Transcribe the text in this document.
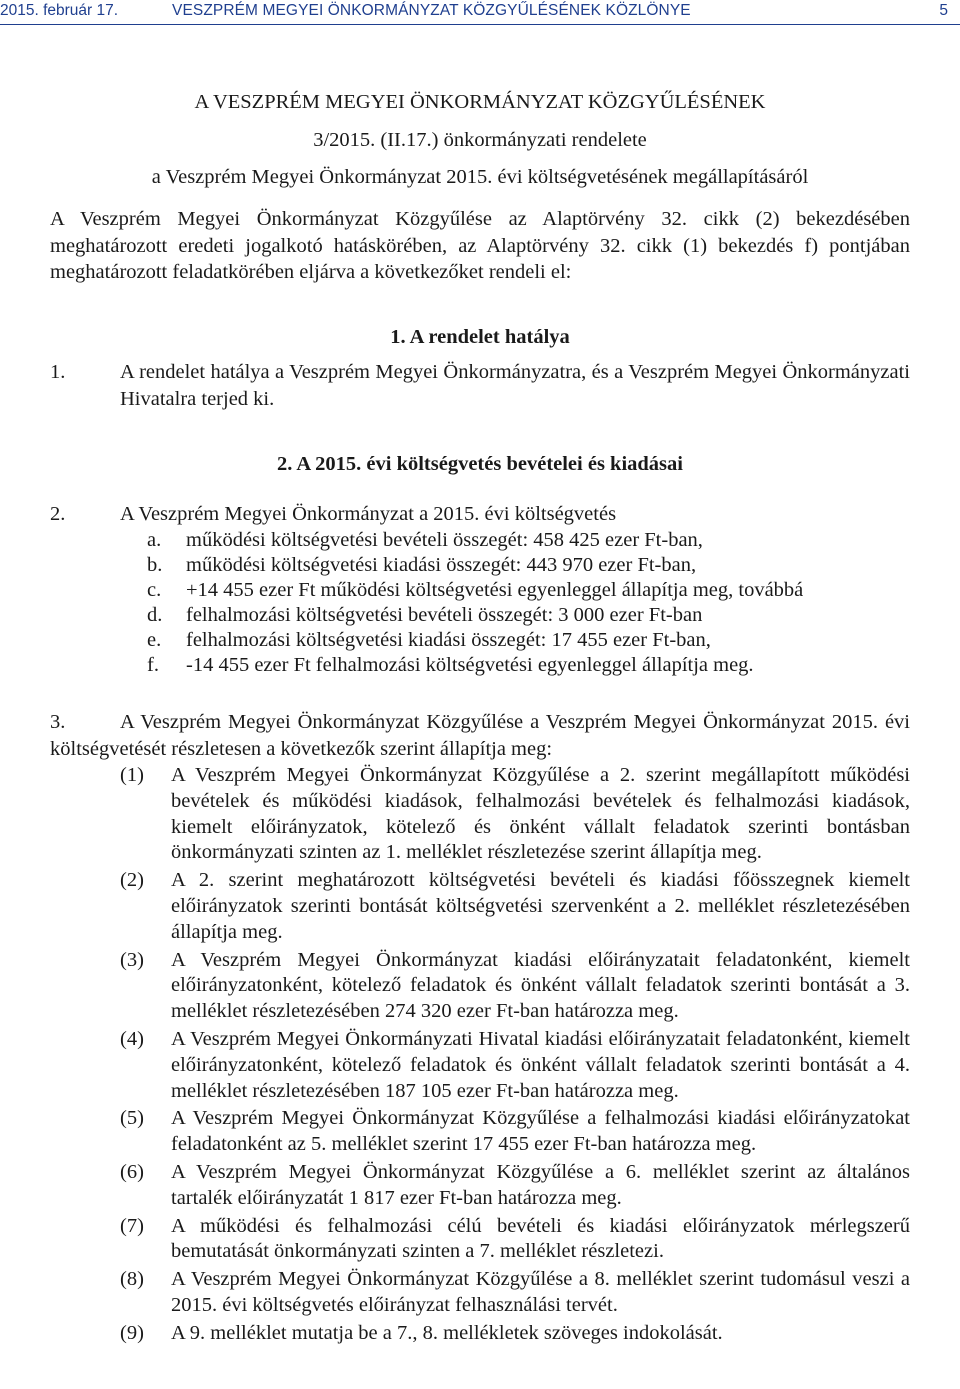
2015. február 17.	VESZPRÉM MEGYEI ÖNKORMÁNYZAT KÖZGYŰLÉSÉNEK KÖZLÖNYE	5
A VESZPRÉM MEGYEI ÖNKORMÁNYZAT KÖZGYŰLÉSÉNEK
3/2015. (II.17.) önkormányzati rendelete
a Veszprém Megyei Önkormányzat 2015. évi költségvetésének megállapításáról
A Veszprém Megyei Önkormányzat Közgyűlése az Alaptörvény 32. cikk (2) bekezdésében meghatározott eredeti jogalkotó hatáskörében, az Alaptörvény 32. cikk (1) bekezdés f) pontjában meghatározott feladatkörében eljárva a következőket rendeli el:
1. A rendelet hatálya
1.	A rendelet hatálya a Veszprém Megyei Önkormányzatra, és a Veszprém Megyei Önkormányzati Hivatalra terjed ki.
2. A 2015. évi költségvetés bevételei és kiadásai
2.	A Veszprém Megyei Önkormányzat a 2015. évi költségvetés
a. működési költségvetési bevételi összegét: 458 425 ezer Ft-ban,
b. működési költségvetési kiadási összegét: 443 970 ezer Ft-ban,
c. +14 455 ezer Ft működési költségvetési egyenleggel állapítja meg, továbbá
d. felhalmozási költségvetési bevételi összegét: 3 000 ezer Ft-ban
e. felhalmozási költségvetési kiadási összegét: 17 455 ezer Ft-ban,
f. -14 455 ezer Ft felhalmozási költségvetési egyenleggel állapítja meg.
3.	A Veszprém Megyei Önkormányzat Közgyűlése a Veszprém Megyei Önkormányzat 2015. évi költségvetését részletesen a következők szerint állapítja meg:
(1) A Veszprém Megyei Önkormányzat Közgyűlése a 2. szerint megállapított működési bevételek és működési kiadások, felhalmozási bevételek és felhalmozási kiadások, kiemelt előirányzatok, kötelező és önként vállalt feladatok szerinti bontásban önkormányzati szinten az 1. melléklet részletezése szerint állapítja meg.
(2) A 2. szerint meghatározott költségvetési bevételi és kiadási főösszegnek kiemelt előirányzatok szerinti bontását költségvetési szervenként a 2. melléklet részletezésében állapítja meg.
(3) A Veszprém Megyei Önkormányzat kiadási előirányzatait feladatonként, kiemelt előirányzatonként, kötelező feladatok és önként vállalt feladatok szerinti bontását a 3. melléklet részletezésében 274 320 ezer Ft-ban határozza meg.
(4) A Veszprém Megyei Önkormányzati Hivatal kiadási előirányzatait feladatonként, kiemelt előirányzatonként, kötelező feladatok és önként vállalt feladatok szerinti bontását a 4. melléklet részletezésében 187 105 ezer Ft-ban határozza meg.
(5) A Veszprém Megyei Önkormányzat Közgyűlése a felhalmozási kiadási előirányzatokat feladatonként az 5. melléklet szerint 17 455 ezer Ft-ban határozza meg.
(6) A Veszprém Megyei Önkormányzat Közgyűlése a 6. melléklet szerint az általános tartalék előirányzatát 1 817 ezer Ft-ban határozza meg.
(7) A működési és felhalmozási célú bevételi és kiadási előirányzatok mérlegszerű bemutatását önkormányzati szinten a 7. melléklet részletezi.
(8) A Veszprém Megyei Önkormányzat Közgyűlése a 8. melléklet szerint tudomásul veszi a 2015. évi költségvetés előirányzat felhasználási tervét.
(9) A 9. melléklet mutatja be a 7., 8. mellékletek szöveges indokolását.
